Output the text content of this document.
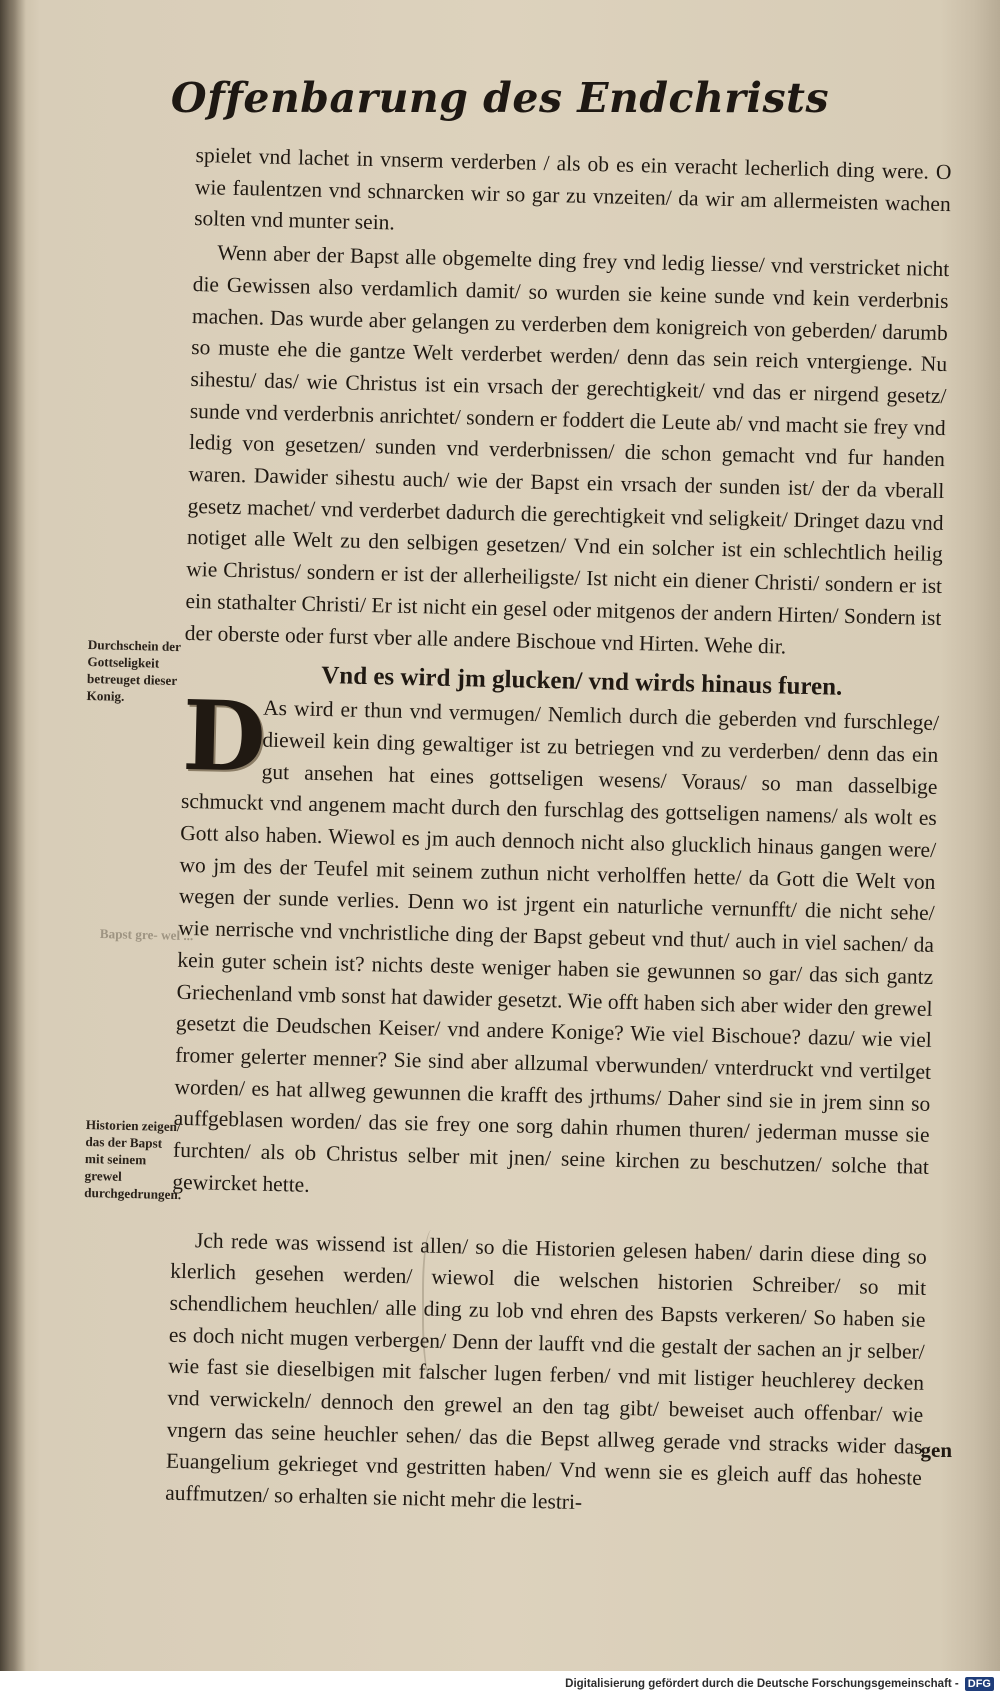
Offenbarung des Endchrists

spielet vnd lachet in vnserm verderben / als ob es ein veracht lecherlich ding were. O wie faulentzen vnd schnarcken wir so gar zu vnzeiten/ da wir am allermeisten wachen solten vnd munter sein.

Wenn aber der Bapst alle obgemelte ding frey vnd ledig liesse/ vnd verstricket nicht die Gewissen also verdamlich damit/ so wurden sie keine sunde vnd kein verderbnis machen. Das wurde aber gelangen zu verderben dem konigreich von geberden/ darumb so muste ehe die gantze Welt verderbet werden/ denn das sein reich vntergienge. Nu sihestu/ das/ wie Christus ist ein vrsach der gerechtigkeit/ vnd das er nirgend gesetz/ sunde vnd verderbnis anrichtet/ sondern er foddert die Leute ab/ vnd macht sie frey vnd ledig von gesetzen/ sunden vnd verderbnissen/ die schon gemacht vnd fur handen waren. Dawider sihestu auch/ wie der Bapst ein vrsach der sunden ist/ der da vberall gesetz machet/ vnd verderbet dadurch die gerechtigkeit vnd seligkeit/ Dringet dazu vnd notiget alle Welt zu den selbigen gesetzen/ Vnd ein solcher ist ein schlechtlich heilig wie Christus/ sondern er ist der allerheiligste/ Ist nicht ein diener Christi/ sondern er ist ein stathalter Christi/ Er ist nicht ein gesel oder mitgenos der andern Hirten/ Sondern ist der oberste oder furst vber alle andere Bischoue vnd Hirten. Wehe dir.

Vnd es wird jm glucken/ vnd wirds hinaus furen.

D
As wird er thun vnd vermugen/ Nemlich durch die geberden vnd furschlege/ dieweil kein ding gewaltiger ist zu betriegen vnd zu verderben/ denn das ein gut ansehen hat eines gottseligen wesens/ Voraus/ so man dasselbige schmuckt vnd angenem macht durch den furschlag des gottseligen namens/ als wolt es Gott also haben. Wiewol es jm auch dennoch nicht also glucklich hinaus gangen were/ wo jm des der Teufel mit seinem zuthun nicht verholffen hette/ da Gott die Welt von wegen der sunde verlies. Denn wo ist jrgent ein naturliche vernunfft/ die nicht sehe/ wie nerrische vnd vnchristliche ding der Bapst gebeut vnd thut/ auch in viel sachen/ da kein guter schein ist? nichts deste weniger haben sie gewunnen so gar/ das sich gantz Griechenland vmb sonst hat dawider gesetzt. Wie offt haben sich aber wider den grewel gesetzt die Deudschen Keiser/ vnd andere Konige? Wie viel Bischoue? dazu/ wie viel fromer gelerter menner? Sie sind aber allzumal vberwunden/ vnterdruckt vnd vertilget worden/ es hat allweg gewunnen die krafft des jrthums/ Daher sind sie in jrem sinn so auffgeblasen worden/ das sie frey one sorg dahin rhumen thuren/ jederman musse sie furchten/ als ob Christus selber mit jnen/ seine kirchen zu beschutzen/ solche that gewircket hette.

Jch rede was wissend ist allen/ so die Historien gelesen haben/ darin diese ding so klerlich gesehen werden/ wiewol die welschen historien Schreiber/ so mit schendlichem heuchlen/ alle ding zu lob vnd ehren des Bapsts verkeren/ So haben sie es doch nicht mugen verbergen/ Denn der laufft vnd die gestalt der sachen an jr selber/ wie fast sie dieselbigen mit falscher lugen ferben/ vnd mit listiger heuchlerey decken vnd verwickeln/ dennoch den grewel an den tag gibt/ beweiset auch offenbar/ wie vngern das seine heuchler sehen/ das die Bepst allweg gerade vnd stracks wider das Euangelium gekrieget vnd gestritten haben/ Vnd wenn sie es gleich auff das hoheste auffmutzen/ so erhalten sie nicht mehr die lestri-

Durchschein der Gottseligkeit betreuget dieser Konig.
Bapst gre- wel ...
Historien zeigen/ das der Bapst mit seinem grewel durchgedrungen.
gen
Digitalisierung gefördert durch die Deutsche Forschungsgemeinschaft - DFG
